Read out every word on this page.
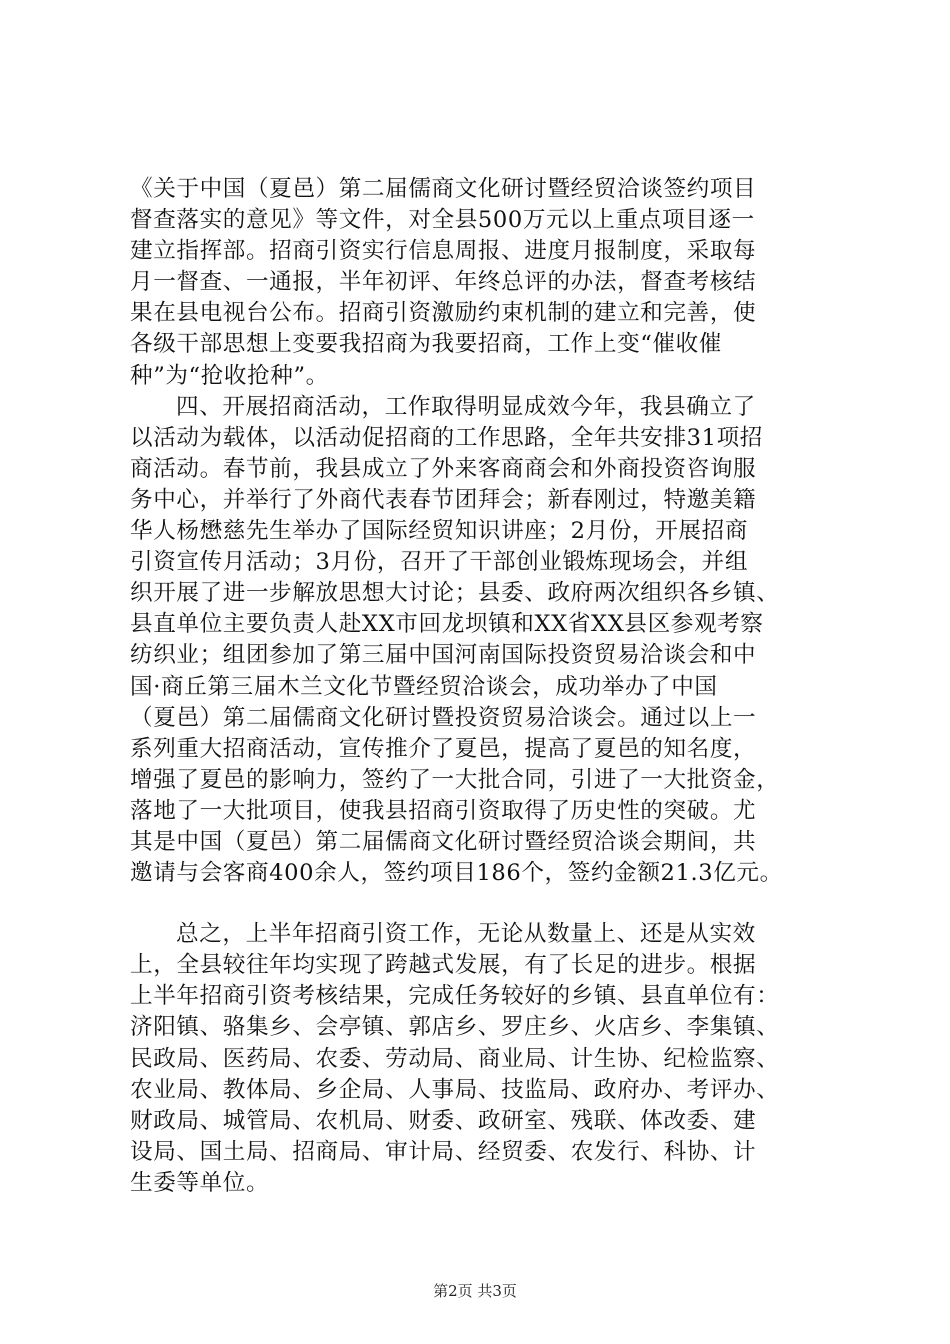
《关于中国（夏邑）第二届儒商文化研讨暨经贸洽谈签约项目
督查落实的意见》等文件，对全县500万元以上重点项目逐一
建立指挥部。招商引资实行信息周报、进度月报制度，采取每
月一督查、一通报，半年初评、年终总评的办法，督查考核结
果在县电视台公布。招商引资激励约束机制的建立和完善，使
各级干部思想上变要我招商为我要招商，工作上变“催收催
种”为“抢收抢种”。
四、开展招商活动，工作取得明显成效今年，我县确立了
以活动为载体，以活动促招商的工作思路，全年共安排31项招
商活动。春节前，我县成立了外来客商商会和外商投资咨询服
务中心，并举行了外商代表春节团拜会；新春刚过，特邀美籍
华人杨懋慈先生举办了国际经贸知识讲座；2月份，开展招商
引资宣传月活动；3月份，召开了干部创业锻炼现场会，并组
织开展了进一步解放思想大讨论；县委、政府两次组织各乡镇、
县直单位主要负责人赴XX市回龙坝镇和XX省XX县区参观考察
纺织业；组团参加了第三届中国河南国际投资贸易洽谈会和中
国·商丘第三届木兰文化节暨经贸洽谈会，成功举办了中国
（夏邑）第二届儒商文化研讨暨投资贸易洽谈会。通过以上一
系列重大招商活动，宣传推介了夏邑，提高了夏邑的知名度，
增强了夏邑的影响力，签约了一大批合同，引进了一大批资金，
落地了一大批项目，使我县招商引资取得了历史性的突破。尤
其是中国（夏邑）第二届儒商文化研讨暨经贸洽谈会期间，共
邀请与会客商400余人，签约项目186个，签约金额21.3亿元。
总之，上半年招商引资工作，无论从数量上、还是从实效
上，全县较往年均实现了跨越式发展，有了长足的进步。根据
上半年招商引资考核结果，完成任务较好的乡镇、县直单位有：
济阳镇、骆集乡、会亭镇、郭店乡、罗庄乡、火店乡、李集镇、
民政局、医药局、农委、劳动局、商业局、计生协、纪检监察、
农业局、教体局、乡企局、人事局、技监局、政府办、考评办、
财政局、城管局、农机局、财委、政研室、残联、体改委、建
设局、国土局、招商局、审计局、经贸委、农发行、科协、计
生委等单位。
第2页 共3页
